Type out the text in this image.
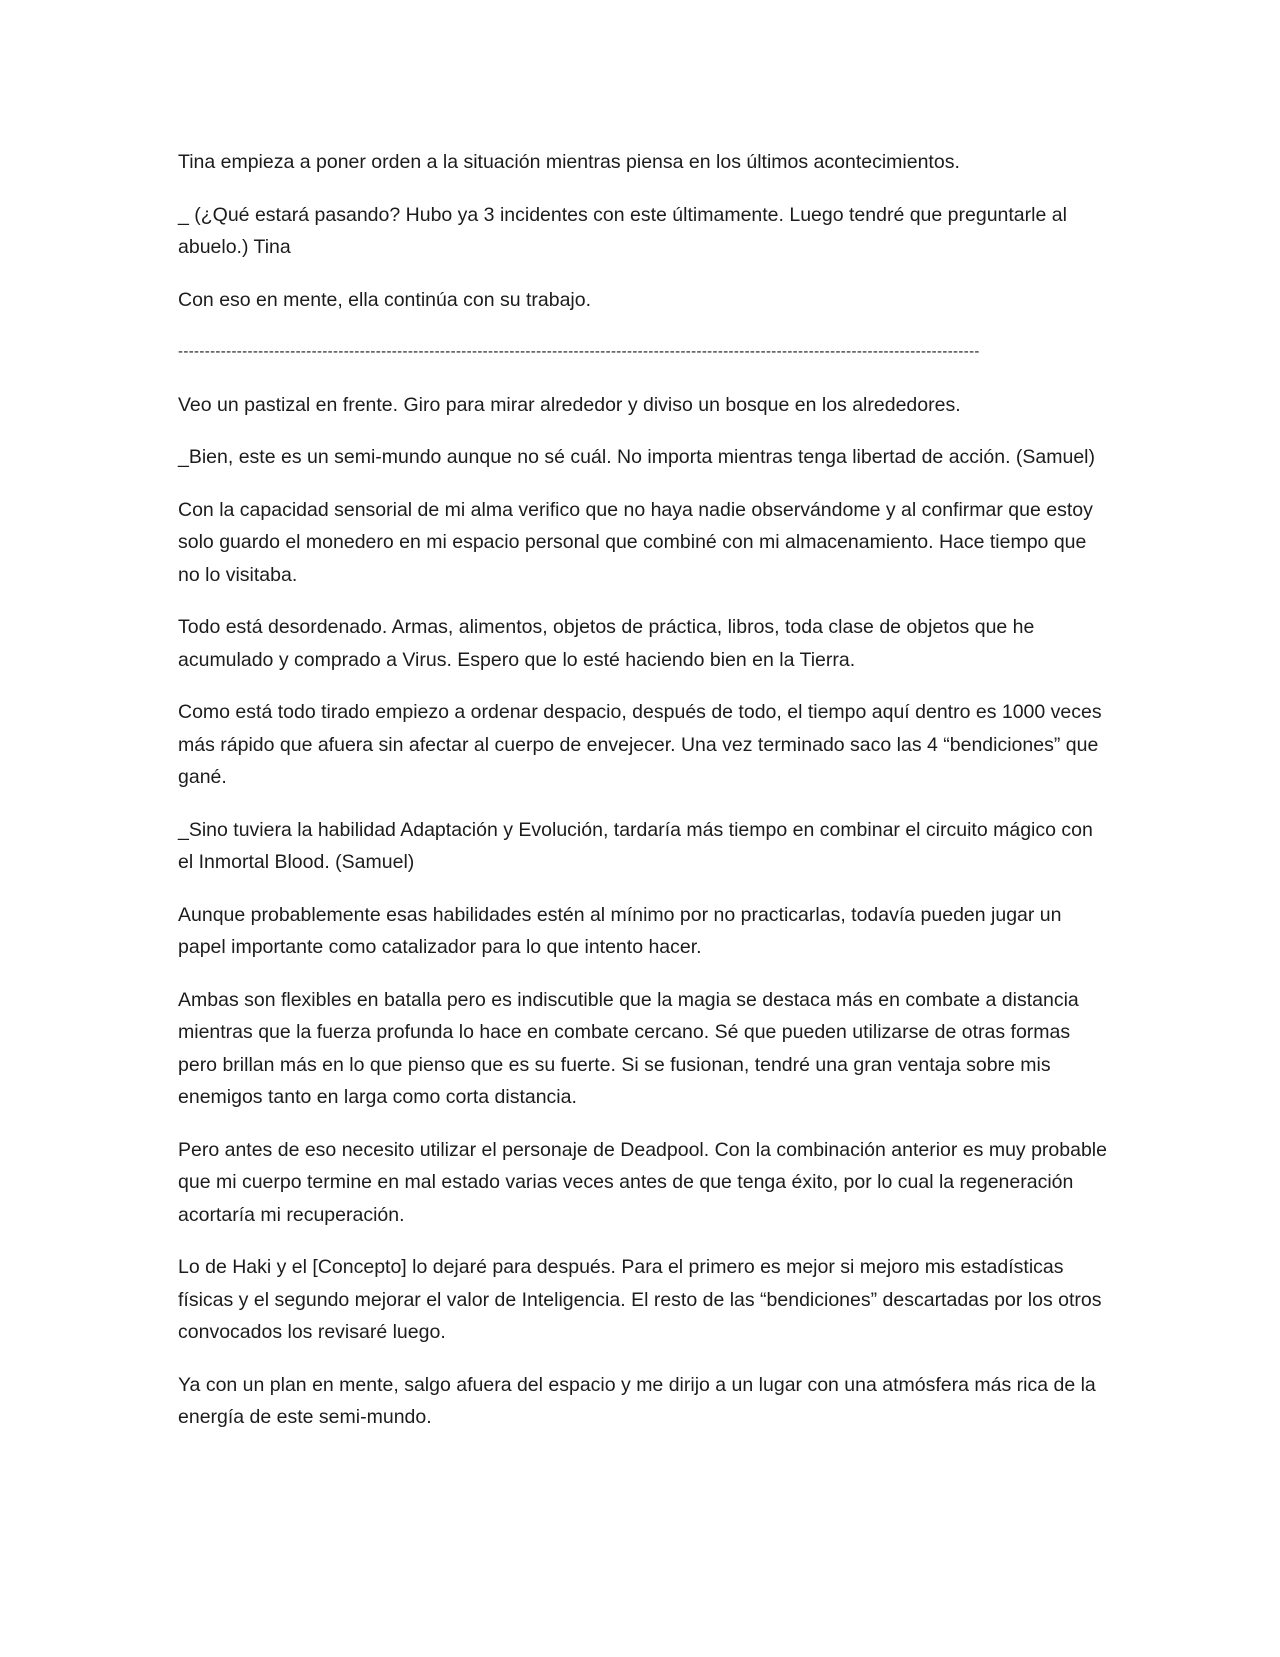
Tina empieza a poner orden a la situación mientras piensa en los últimos acontecimientos.

_ (¿Qué estará pasando? Hubo ya 3 incidentes con este últimamente. Luego tendré que preguntarle al abuelo.) Tina

Con eso en mente, ella continúa con su trabajo.

------------------------------------------------------------------------------------------------------------------------------------------------------

Veo un pastizal en frente. Giro para mirar alrededor y diviso un bosque en los alrededores.

_Bien, este es un semi-mundo aunque no sé cuál. No importa mientras tenga libertad de acción. (Samuel)

Con la capacidad sensorial de mi alma verifico que no haya nadie observándome y al confirmar que estoy solo guardo el monedero en mi espacio personal que combiné con mi almacenamiento. Hace tiempo que no lo visitaba.

Todo está desordenado. Armas, alimentos, objetos de práctica, libros, toda clase de objetos que he acumulado y comprado a Virus. Espero que lo esté haciendo bien en la Tierra.

Como está todo tirado empiezo a ordenar despacio, después de todo, el tiempo aquí dentro es 1000 veces más rápido que afuera sin afectar al cuerpo de envejecer. Una vez terminado saco las 4 “bendiciones” que gané.

_Sino tuviera la habilidad Adaptación y Evolución, tardaría más tiempo en combinar el circuito mágico con el Inmortal Blood. (Samuel)

Aunque probablemente esas habilidades estén al mínimo por no practicarlas, todavía pueden jugar un papel importante como catalizador para lo que intento hacer.

Ambas son flexibles en batalla pero es indiscutible que la magia se destaca más en combate a distancia mientras que la fuerza profunda lo hace en combate cercano. Sé que pueden utilizarse de otras formas pero brillan más en lo que pienso que es su fuerte. Si se fusionan, tendré una gran ventaja sobre mis enemigos tanto en larga como corta distancia.

Pero antes de eso necesito utilizar el personaje de Deadpool. Con la combinación anterior es muy probable que mi cuerpo termine en mal estado varias veces antes de que tenga éxito, por lo cual la regeneración acortaría mi recuperación.

Lo de Haki y el [Concepto] lo dejaré para después. Para el primero es mejor si mejoro mis estadísticas físicas y el segundo mejorar el valor de Inteligencia. El resto de las “bendiciones” descartadas por los otros convocados los revisaré luego.

Ya con un plan en mente, salgo afuera del espacio y me dirijo a un lugar con una atmósfera más rica de la energía de este semi-mundo.
